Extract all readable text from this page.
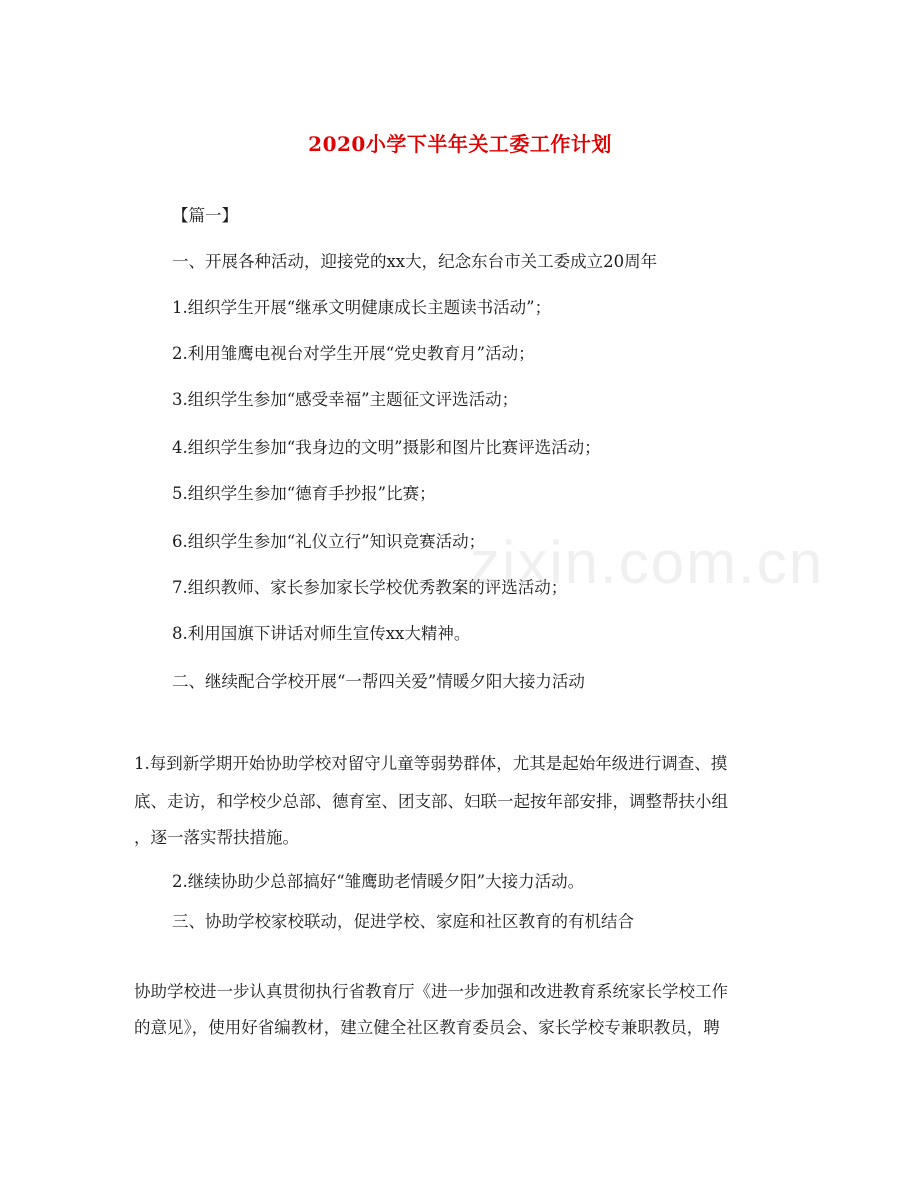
2020小学下半年关工委工作计划
【篇一】
一、开展各种活动，迎接党的xx大，纪念东台市关工委成立20周年
1.组织学生开展“继承文明健康成长主题读书活动”；
2.利用雏鹰电视台对学生开展“党史教育月”活动；
3.组织学生参加“感受幸福”主题征文评选活动；
4.组织学生参加“我身边的文明”摄影和图片比赛评选活动；
5.组织学生参加“德育手抄报”比赛；
6.组织学生参加“礼仪立行”知识竞赛活动；
7.组织教师、家长参加家长学校优秀教案的评选活动；
8.利用国旗下讲话对师生宣传xx大精神。
二、继续配合学校开展“一帮四关爱”情暖夕阳大接力活动
1.每到新学期开始协助学校对留守儿童等弱势群体，尤其是起始年级进行调查、摸
底、走访，和学校少总部、德育室、团支部、妇联一起按年部安排，调整帮扶小组
，逐一落实帮扶措施。
2.继续协助少总部搞好“雏鹰助老情暖夕阳”大接力活动。
三、协助学校家校联动，促进学校、家庭和社区教育的有机结合
协助学校进一步认真贯彻执行省教育厅《进一步加强和改进教育系统家长学校工作
的意见》，使用好省编教材，建立健全社区教育委员会、家长学校专兼职教员，聘
zixin.com.cn
